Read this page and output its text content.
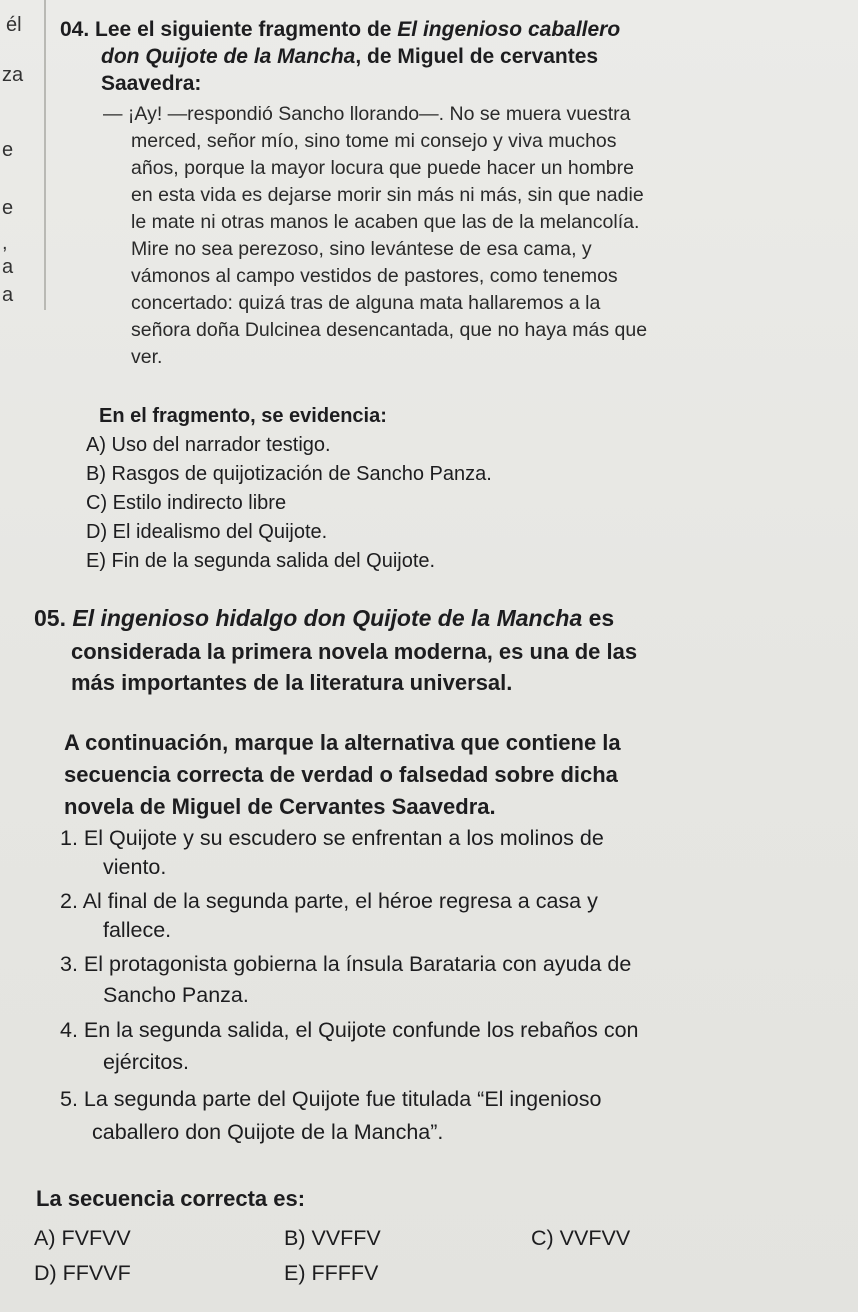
él
za
e
e
,
a
a
04. Lee el siguiente fragmento de El ingenioso caballero
don Quijote de la Mancha, de Miguel de cervantes
Saavedra:
— ¡Ay! —respondió Sancho llorando—. No se muera vuestra
merced, señor mío, sino tome mi consejo y viva muchos
años, porque la mayor locura que puede hacer un hombre
en esta vida es dejarse morir sin más ni más, sin que nadie
le mate ni otras manos le acaben que las de la melancolía.
Mire no sea perezoso, sino levántese de esa cama, y
vámonos al campo vestidos de pastores, como tenemos
concertado: quizá tras de alguna mata hallaremos a la
señora doña Dulcinea desencantada, que no haya más que
ver.
En el fragmento, se evidencia:
A) Uso del narrador testigo.
B) Rasgos de quijotización de Sancho Panza.
C) Estilo indirecto libre
D) El idealismo del Quijote.
E) Fin de la segunda salida del Quijote.
05. El ingenioso hidalgo don Quijote de la Mancha es
considerada la primera novela moderna, es una de las
más importantes de la literatura universal.
A continuación, marque la alternativa que contiene la
secuencia correcta de verdad o falsedad sobre dicha
novela de Miguel de Cervantes Saavedra.
1. El Quijote y su escudero se enfrentan a los molinos de
viento.
2. Al final de la segunda parte, el héroe regresa a casa y
fallece.
3. El protagonista gobierna la ínsula Barataria con ayuda de
Sancho Panza.
4. En la segunda salida, el Quijote confunde los rebaños con
ejércitos.
5. La segunda parte del Quijote fue titulada “El ingenioso
caballero don Quijote de la Mancha”.
La secuencia correcta es:
A) FVFVV	B) VVFFV	C) VVFVV
D) FFVVF	E) FFFFV
